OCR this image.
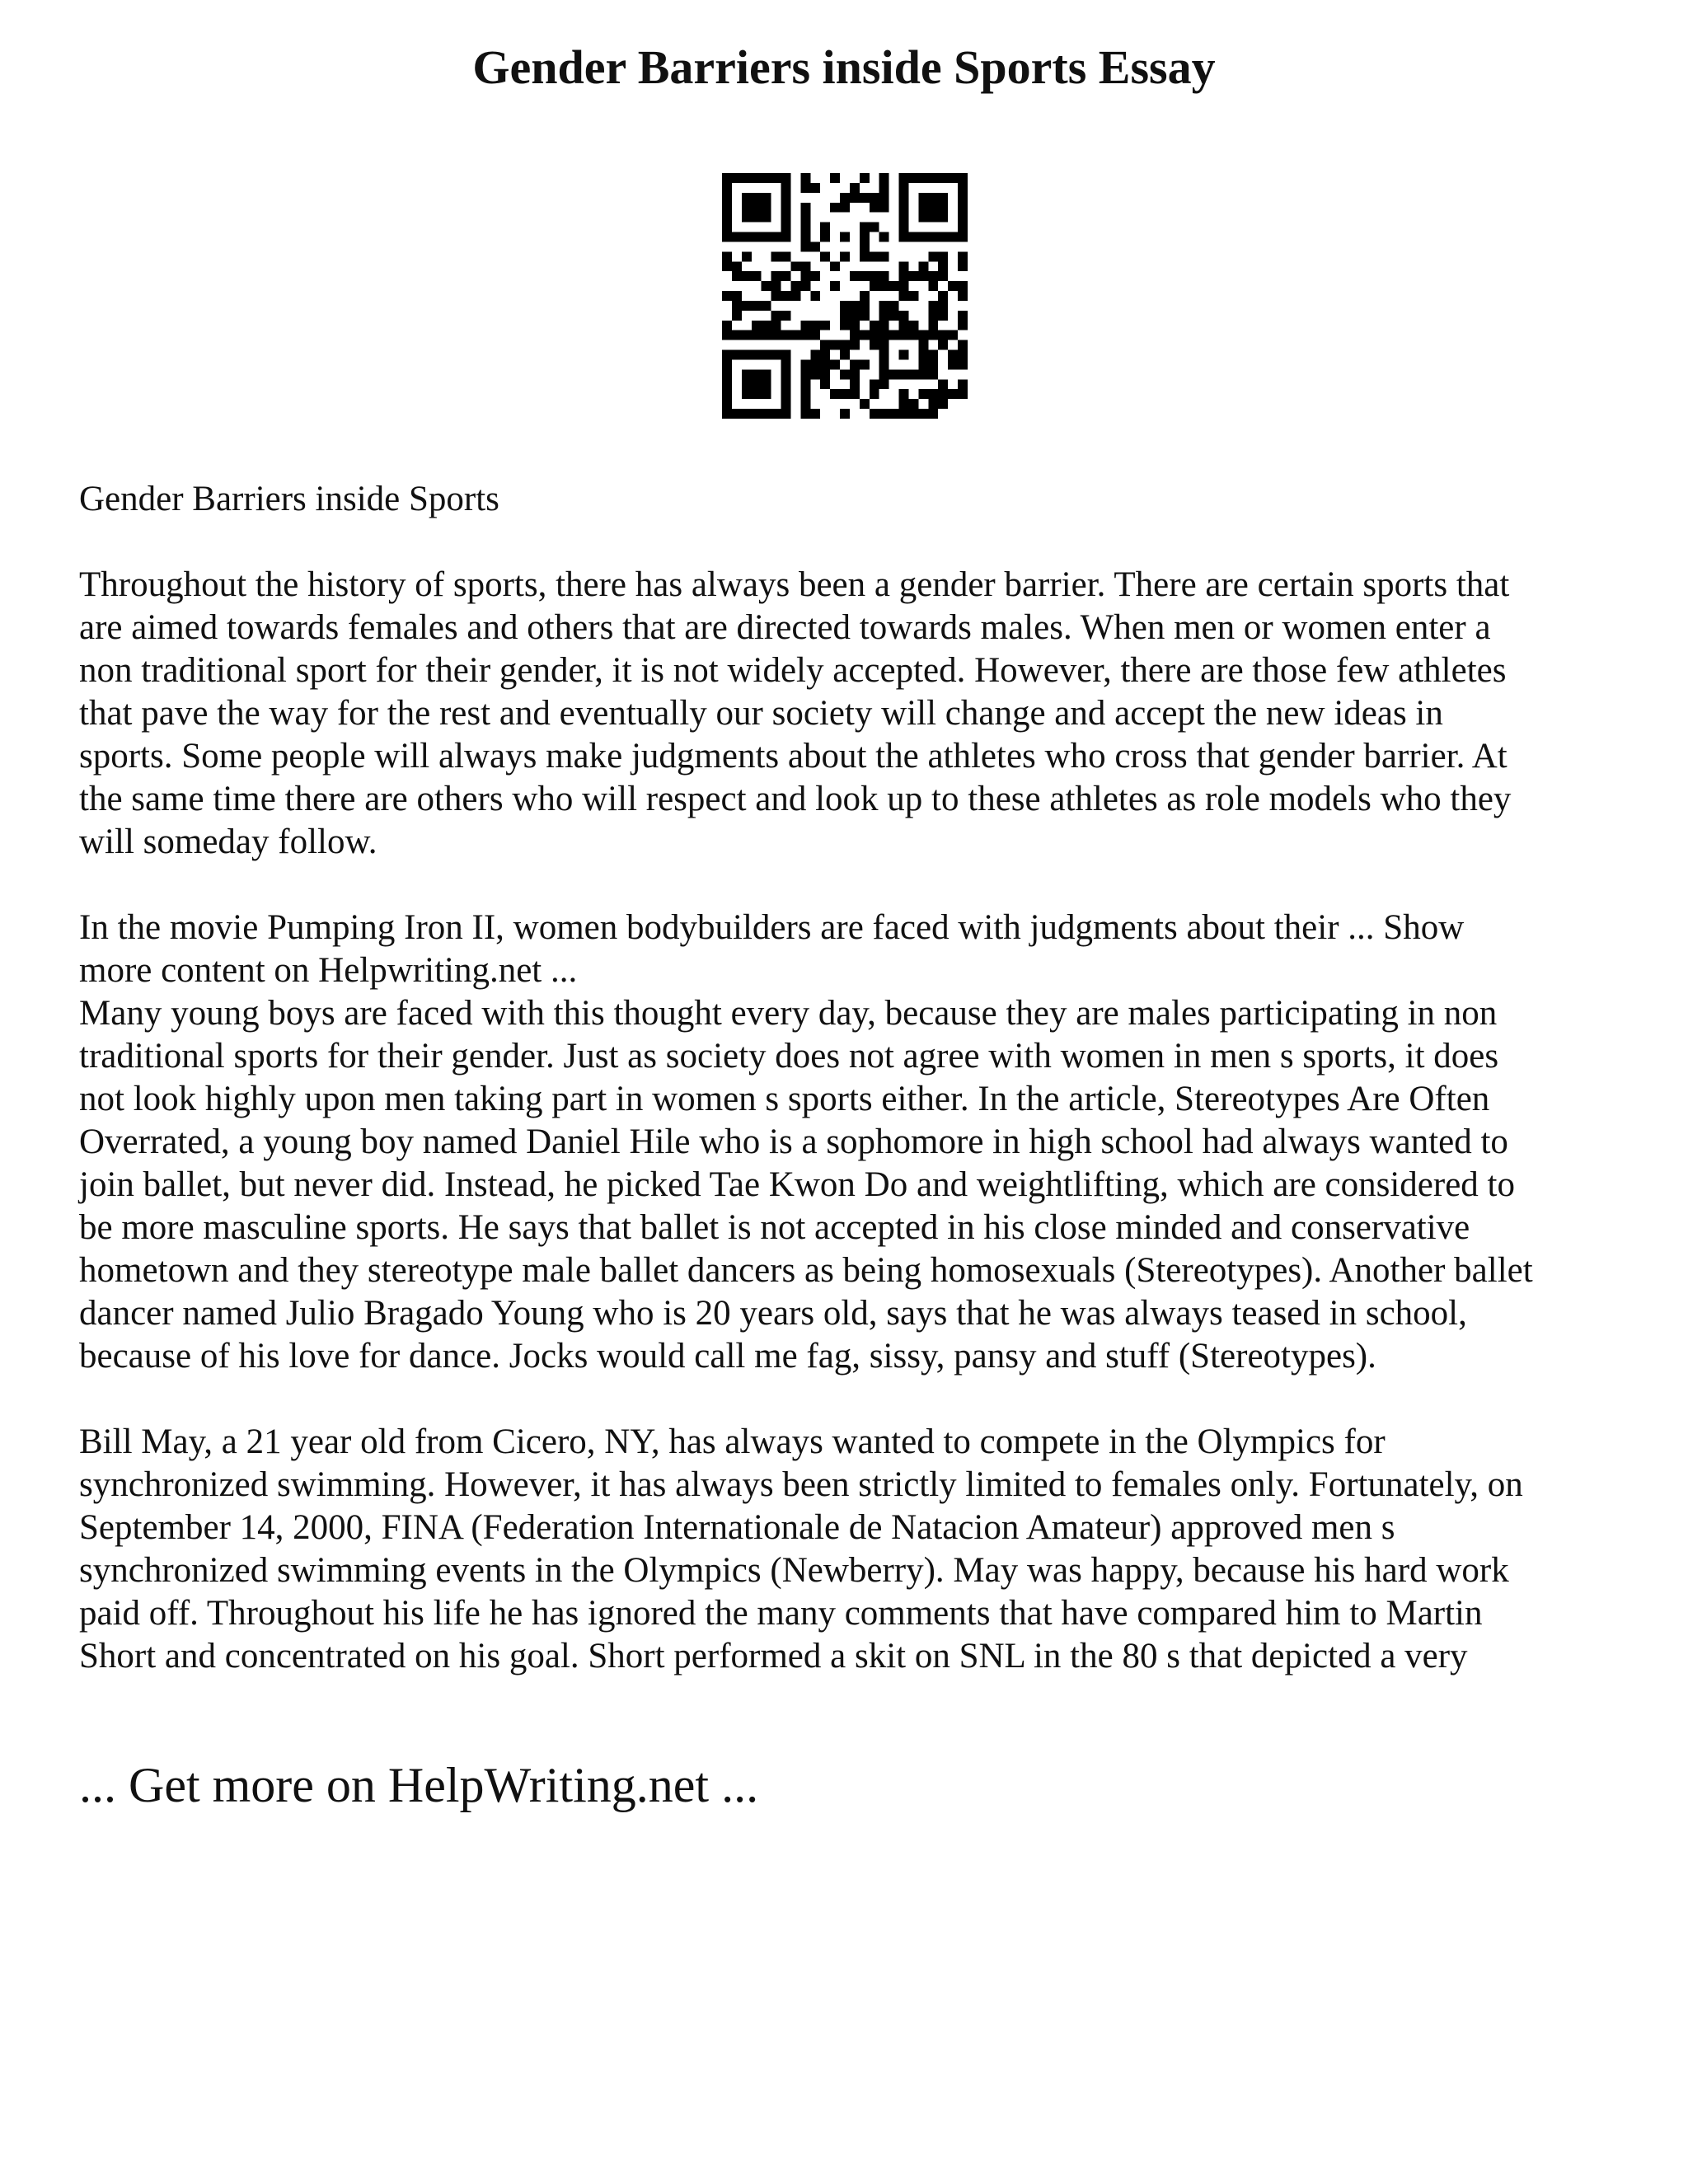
Gender Barriers inside Sports Essay

Gender Barriers inside Sports

Throughout the history of sports, there has always been a gender barrier. There are certain sports that
are aimed towards females and others that are directed towards males. When men or women enter a
non traditional sport for their gender, it is not widely accepted. However, there are those few athletes
that pave the way for the rest and eventually our society will change and accept the new ideas in
sports. Some people will always make judgments about the athletes who cross that gender barrier. At
the same time there are others who will respect and look up to these athletes as role models who they
will someday follow.

In the movie Pumping Iron II, women bodybuilders are faced with judgments about their ... Show
more content on Helpwriting.net ...

Many young boys are faced with this thought every day, because they are males participating in non
traditional sports for their gender. Just as society does not agree with women in men s sports, it does
not look highly upon men taking part in women s sports either. In the article, Stereotypes Are Often
Overrated, a young boy named Daniel Hile who is a sophomore in high school had always wanted to
join ballet, but never did. Instead, he picked Tae Kwon Do and weightlifting, which are considered to
be more masculine sports. He says that ballet is not accepted in his close minded and conservative
hometown and they stereotype male ballet dancers as being homosexuals (Stereotypes). Another ballet
dancer named Julio Bragado Young who is 20 years old, says that he was always teased in school,
because of his love for dance. Jocks would call me fag, sissy, pansy and stuff (Stereotypes).

Bill May, a 21 year old from Cicero, NY, has always wanted to compete in the Olympics for
synchronized swimming. However, it has always been strictly limited to females only. Fortunately, on
September 14, 2000, FINA (Federation Internationale de Natacion Amateur) approved men s
synchronized swimming events in the Olympics (Newberry). May was happy, because his hard work
paid off. Throughout his life he has ignored the many comments that have compared him to Martin
Short and concentrated on his goal. Short performed a skit on SNL in the 80 s that depicted a very

... Get more on HelpWriting.net ...
